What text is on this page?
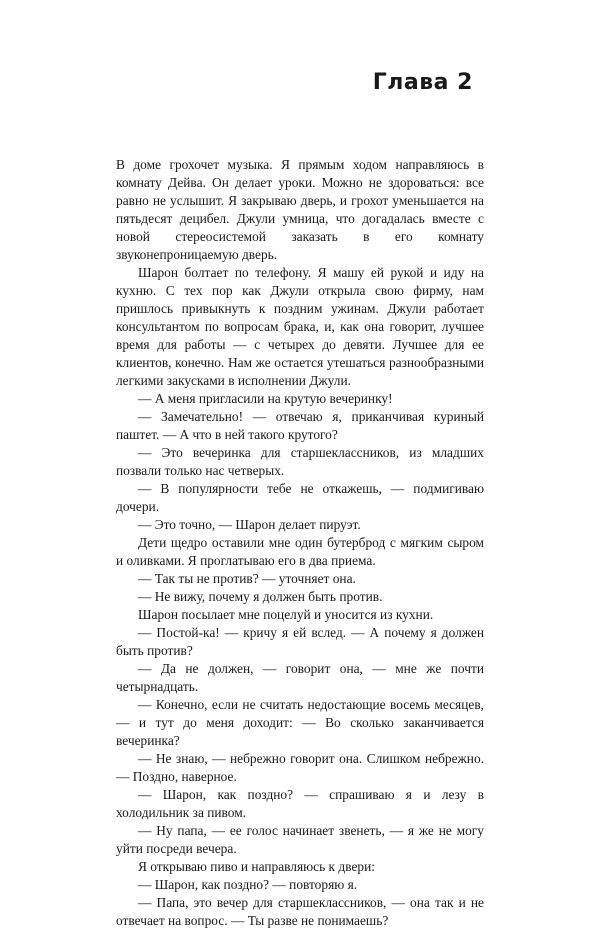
Глава 2

В доме грохочет музыка. Я прямым ходом направляюсь в комнату Дейва. Он делает уроки. Можно не здороваться: все равно не услышит. Я закрываю дверь, и грохот уменьшается на пятьдесят децибел. Джули умница, что догадалась вместе с новой стереосистемой заказать в его комнату звуконепроницаемую дверь.

Шарон болтает по телефону. Я машу ей рукой и иду на кухню. С тех пор как Джули открыла свою фирму, нам пришлось привыкнуть к поздним ужинам. Джули работает консультантом по вопросам брака, и, как она говорит, лучшее время для работы — с четырех до девяти. Лучшее для ее клиентов, конечно. Нам же остается утешаться разнообразными легкими закусками в исполнении Джули.

— А меня пригласили на крутую вечеринку!

— Замечательно! — отвечаю я, приканчивая куриный паштет. — А что в ней такого крутого?

— Это вечеринка для старшеклассников, из младших позвали только нас четверых.

— В популярности тебе не откажешь, — подмигиваю дочери.

— Это точно, — Шарон делает пируэт.

Дети щедро оставили мне один бутерброд с мягким сыром и оливками. Я проглатываю его в два приема.

— Так ты не против? — уточняет она.

— Не вижу, почему я должен быть против.

Шарон посылает мне поцелуй и уносится из кухни.

— Постой-ка! — кричу я ей вслед. — А почему я должен быть против?

— Да не должен, — говорит она, — мне же почти четырнадцать.

— Конечно, если не считать недостающие восемь месяцев, — и тут до меня доходит: — Во сколько заканчивается вечеринка?

— Не знаю, — небрежно говорит она. Слишком небрежно. — Поздно, наверное.

— Шарон, как поздно? — спрашиваю я и лезу в холодильник за пивом.

— Ну папа, — ее голос начинает звенеть, — я же не могу уйти посреди вечера.

Я открываю пиво и направляюсь к двери:

— Шарон, как поздно? — повторяю я.

— Папа, это вечер для старшеклассников, — она так и не отвечает на вопрос. — Ты разве не понимаешь?
